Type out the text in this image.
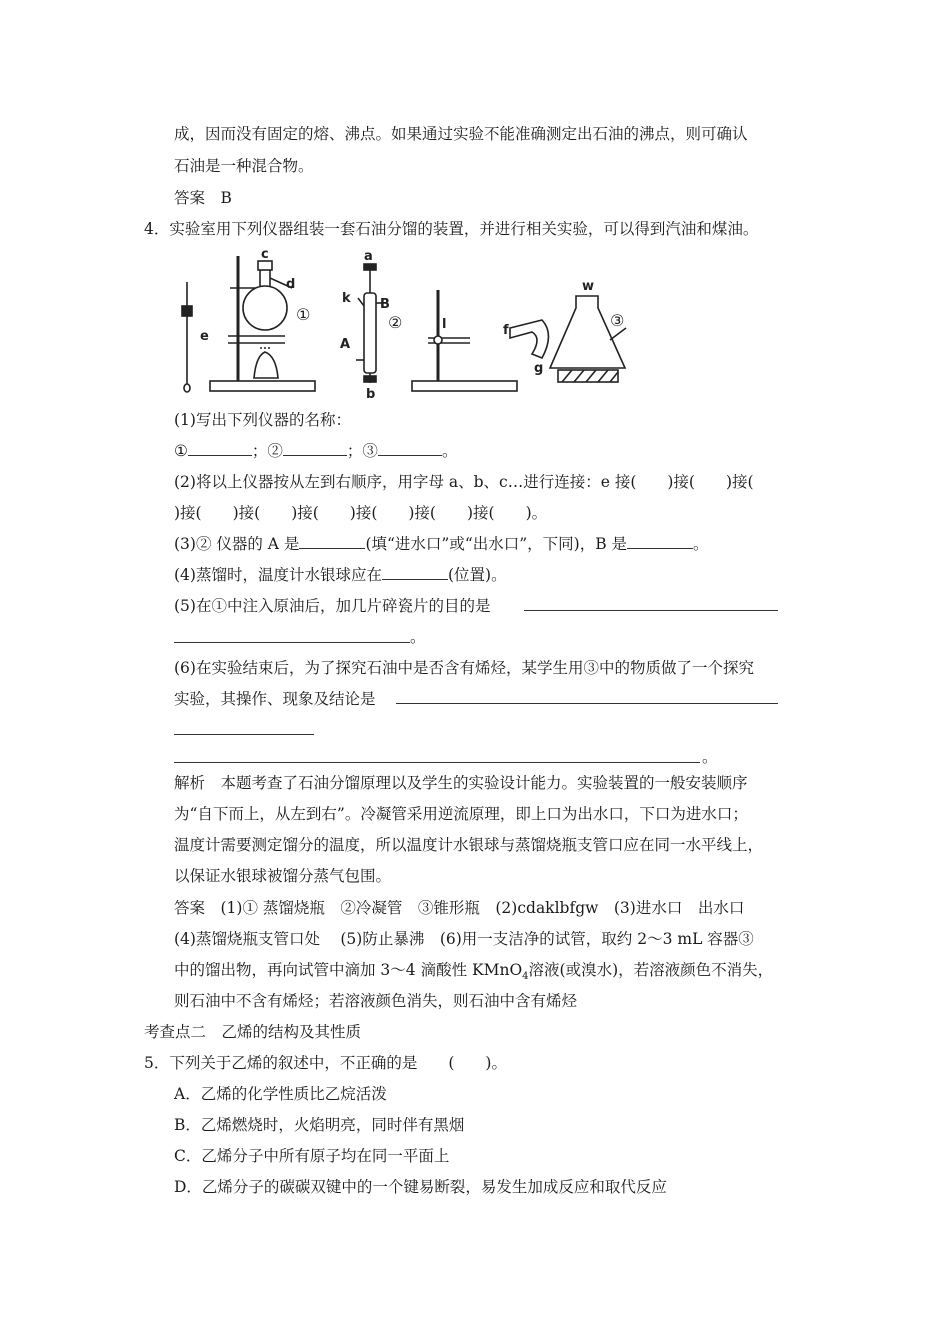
成，因而没有固定的熔、沸点。如果通过实验不能准确测定出石油的沸点，则可确认
石油是一种混合物。
答案　B
4．实验室用下列仪器组装一套石油分馏的装置，并进行相关实验，可以得到汽油和煤油。
c
d
e
a
k B
A
b
l	f
g
w
①	②	③
(1)写出下列仪器的名称：
①	；②	；③	。
(2)将以上仪器按从左到右顺序，用字母 a、b、c…进行连接：e 接(　　)接(　　)接(
)接(　　)接(　　)接(　　)接(　　)接(　　)接(　　)。
(3)② 仪器的 A 是	(填“进水口”或“出水口”，下同)，B 是	。
(4)蒸馏时，温度计水银球应在	(位置)。
(5)在①中注入原油后，加几片碎瓷片的目的是
。
(6)在实验结束后，为了探究石油中是否含有烯烃，某学生用③中的物质做了一个探究
实验，其操作、现象及结论是
。
解析　本题考查了石油分馏原理以及学生的实验设计能力。实验装置的一般安装顺序
为“自下而上，从左到右”。冷凝管采用逆流原理，即上口为出水口，下口为进水口；
温度计需要测定馏分的温度，所以温度计水银球与蒸馏烧瓶支管口应在同一水平线上，
以保证水银球被馏分蒸气包围。
答案　(1)① 蒸馏烧瓶　②冷凝管　③锥形瓶　(2)cdaklbfgw　(3)进水口　出水口
(4)蒸馏烧瓶支管口处　 (5)防止暴沸　(6)用一支洁净的试管，取约 2～3 mL 容器③
中的馏出物，再向试管中滴加 3～4 滴酸性 KMnO$_4$溶液(或溴水)，若溶液颜色不消失，
则石油中不含有烯烃；若溶液颜色消失，则石油中含有烯烃
考查点二　乙烯的结构及其性质
5．下列关于乙烯的叙述中，不正确的是　　(　　)。
A．乙烯的化学性质比乙烷活泼
B．乙烯燃烧时，火焰明亮，同时伴有黑烟
C．乙烯分子中所有原子均在同一平面上
D．乙烯分子的碳碳双键中的一个键易断裂，易发生加成反应和取代反应
